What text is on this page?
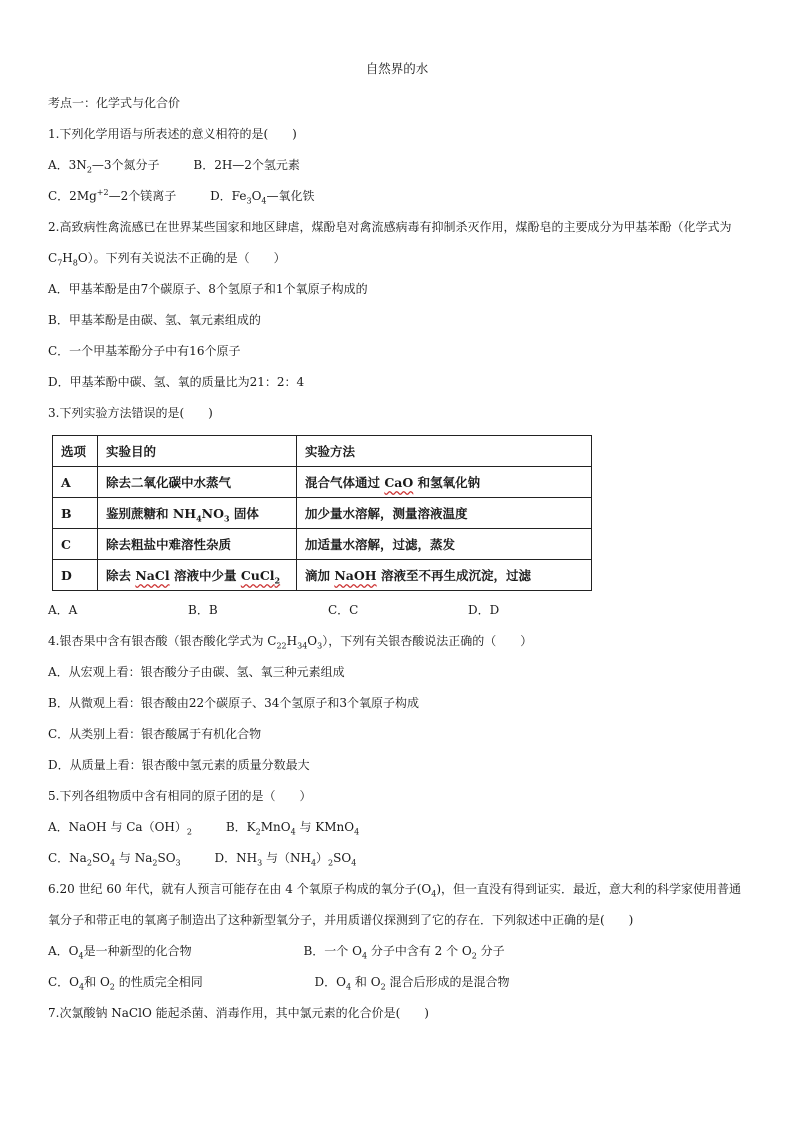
自然界的水

考点一：化学式与化合价

1.下列化学用语与所表述的意义相符的是(　　)

A．$3N_2—3$个氮分子	B．2H—2个氢元素

C．$2Mg^{+2}—2$个镁离子	D．$Fe_3O_4—$氧化铁

2.高致病性禽流感已在世界某些国家和地区肆虐，煤酚皂对禽流感病毒有抑制杀灭作用，煤酚皂的主要成分为甲基苯酚（化学式为 $C_7H_8O$）。下列有关说法不正确的是（　　）

A．甲基苯酚是由7个碳原子、8个氢原子和1个氧原子构成的

B．甲基苯酚是由碳、氢、氧元素组成的

C．一个甲基苯酚分子中有16个原子

D．甲基苯酚中碳、氢、氧的质量比为21：2：4

3.下列实验方法错误的是(　　)

选项	实验目的	实验方法
A	除去二氧化碳中水蒸气	混合气体通过 CaO 和氢氧化钠
B	鉴别蔗糖和 $NH_4NO_3$ 固体	加少量水溶解，测量溶液温度
C	除去粗盐中难溶性杂质	加适量水溶解，过滤，蒸发
D	除去 NaCl 溶液中少量 CuCl$_2$	滴加 NaOH 溶液至不再生成沉淀，过滤

A．A	B．B	C．C	D．D

4.银杏果中含有银杏酸（银杏酸化学式为 $C_{22}H_{34}O_3$），下列有关银杏酸说法正确的（　　）

A．从宏观上看：银杏酸分子由碳、氢、氧三种元素组成

B．从微观上看：银杏酸由22个碳原子、34个氢原子和3个氧原子构成

C．从类别上看：银杏酸属于有机化合物

D．从质量上看：银杏酸中氢元素的质量分数最大

5.下列各组物质中含有相同的原子团的是（　　）

A．NaOH 与 $Ca(OH)_2$	B．$K_2MnO_4$ 与 KMnO$_4$

C．$Na_2SO_4$ 与 $Na_2SO_3$	D．$NH_3$ 与$(NH_4)_2SO_4$

6.20 世纪 60 年代，就有人预言可能存在由 4 个氧原子构成的氧分子$(O_4)$，但一直没有得到证实．最近，意大利的科学家使用普通氧分子和带正电的氧离子制造出了这种新型氧分子，并用质谱仪探测到了它的存在．下列叙述中正确的是(　　)

A．$O_4$是一种新型的化合物	B．一个 $O_4$ 分子中含有 2 个 $O_2$ 分子

C．$O_4$和 $O_2$ 的性质完全相同	D．$O_4$ 和 $O_2$ 混合后形成的是混合物

7.次氯酸钠 NaClO 能起杀菌、消毒作用，其中氯元素的化合价是(　　)
